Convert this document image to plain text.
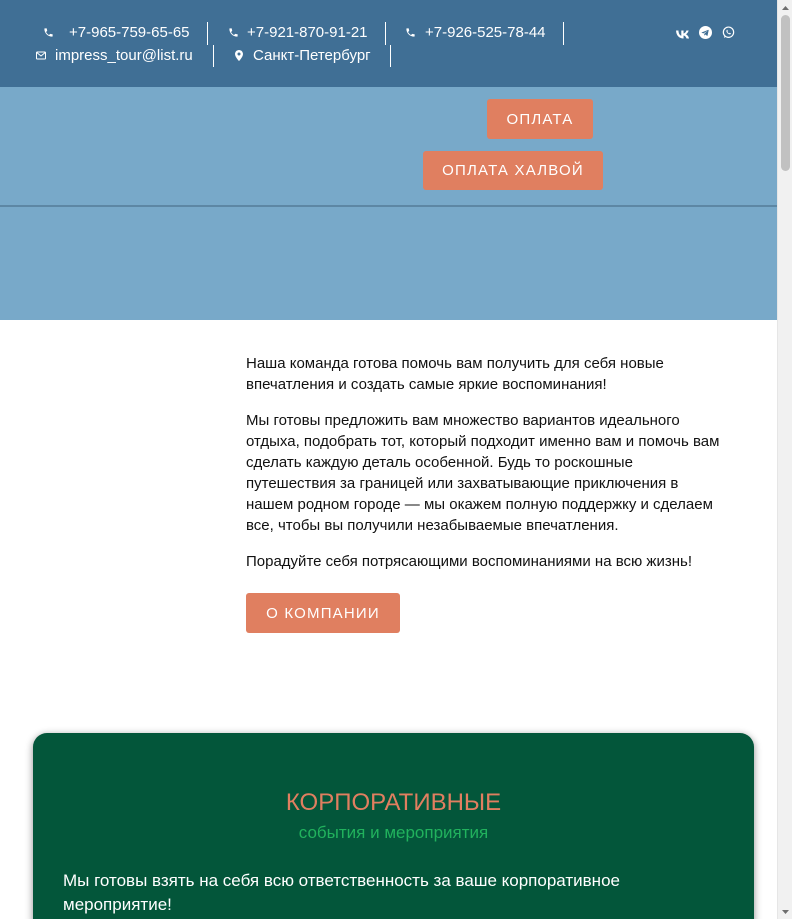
+7-965-759-65-65	+7-921-870-91-21	+7-926-525-78-44
impress_tour@list.ru	Санкт-Петербург
ОПЛАТА
ОПЛАТА ХАЛВОЙ

Наша команда готова помочь вам получить для себя новые впечатления и создать самые яркие воспоминания!

Мы готовы предложить вам множество вариантов идеального отдыха, подобрать тот, который подходит именно вам и помочь вам сделать каждую деталь особенной. Будь то роскошные путешествия за границей или захватывающие приключения в нашем родном городе — мы окажем полную поддержку и сделаем все, чтобы вы получили незабываемые впечатления.

Порадуйте себя потрясающими воспоминаниями на всю жизнь!

О КОМПАНИИ
КОРПОРАТИВНЫЕ
события и мероприятия
Мы готовы взять на себя всю ответственность за ваше корпоративное мероприятие!
